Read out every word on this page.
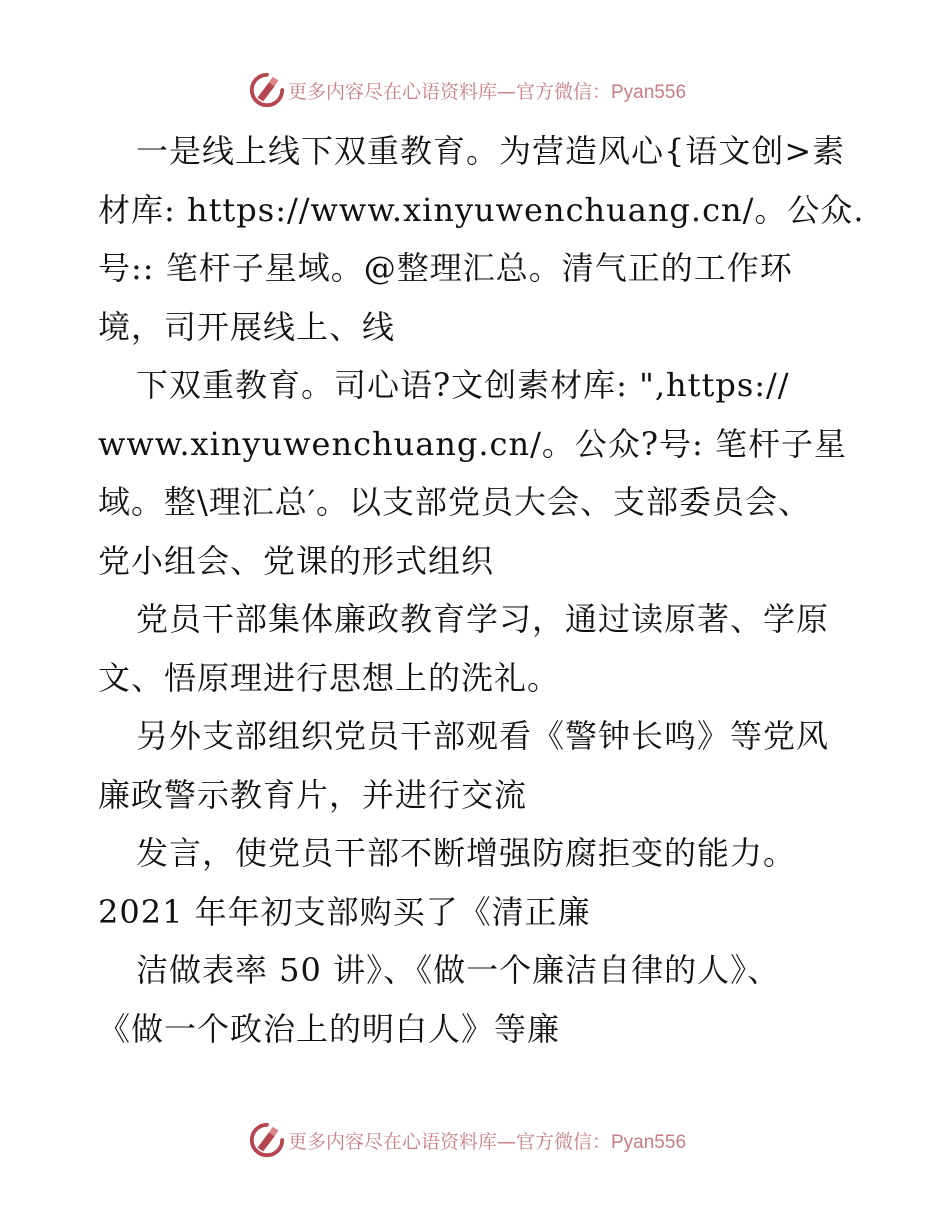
更多内容尽在心语资料库—官方微信：Pyan556
一是线上线下双重教育。为营造风心{语文创>素
材库: https://www.xinyuwenchuang.cn/。公众.
号:: 笔杆子星域。@整理汇总。清气正的工作环
境，司开展线上、线
下双重教育。司心语?文创素材库: ",https://
www.xinyuwenchuang.cn/。公众?号: 笔杆子星
域。整\理汇总′。以支部党员大会、支部委员会、
党小组会、党课的形式组织
党员干部集体廉政教育学习，通过读原著、学原
文、悟原理进行思想上的洗礼。
另外支部组织党员干部观看《警钟长鸣》等党风
廉政警示教育片，并进行交流
发言，使党员干部不断增强防腐拒变的能力。
2021 年年初支部购买了《清正廉
洁做表率 50 讲》、《做一个廉洁自律的人》、
《做一个政治上的明白人》等廉
更多内容尽在心语资料库—官方微信：Pyan556
